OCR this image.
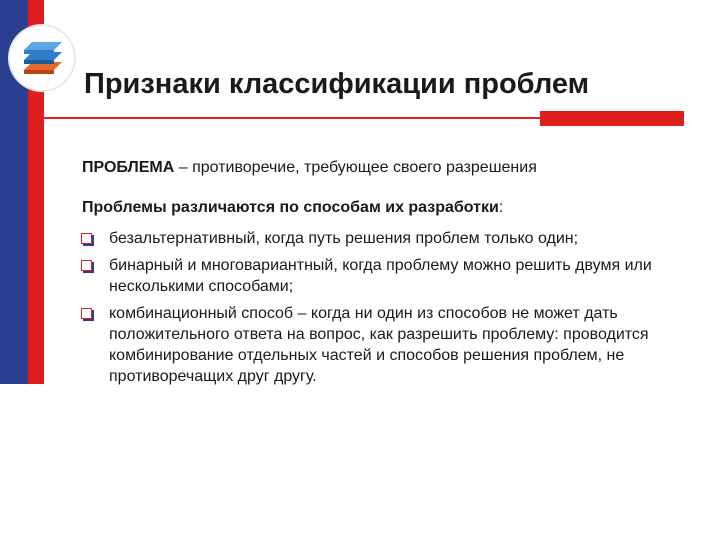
Признаки классификации проблем
ПРОБЛЕМА – противоречие, требующее своего разрешения
Проблемы различаются по способам их разработки:
безальтернативный, когда путь решения проблем только один;
бинарный и многовариантный, когда проблему можно решить двумя или несколькими способами;
комбинационный способ – когда ни один из способов не может дать положительного ответа на вопрос, как разрешить проблему: проводится комбинирование отдельных частей и способов решения проблем, не противоречащих друг другу.
